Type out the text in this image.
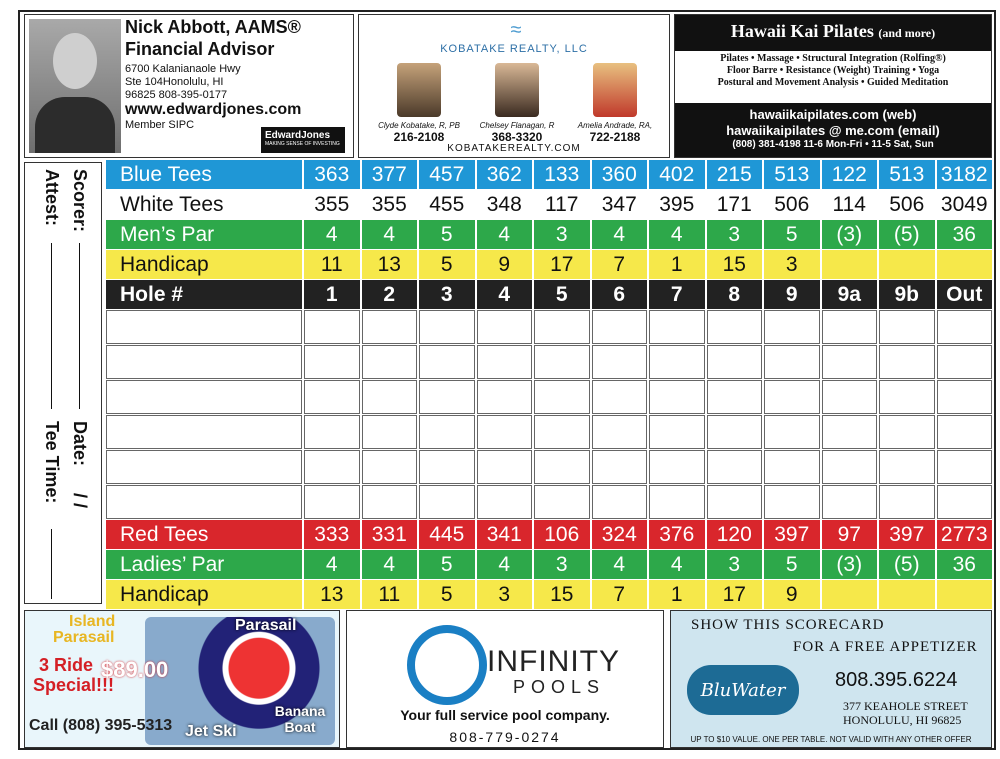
Nick Abbott, AAMS®
Financial Advisor
6700 Kalanianaole Hwy
Ste 104Honolulu, HI
96825 808-395-0177
www.edwardjones.com
Member SIPC
EdwardJones
MAKING SENSE OF INVESTING
≈
KOBATAKE REALTY, LLC
Clyde Kobatake, R, PB
216-2108
Chelsey Flanagan, R
368-3320
Amelia Andrade, RA,
722-2188
KOBATAKEREALTY.COM
Hawaii Kai Pilates (and more)
Pilates • Massage • Structural Integration (Rolfing®)
Floor Barre • Resistance (Weight) Training • Yoga
Postural and Movement Analysis • Guided Meditation
hawaiikaipilates.com (web)
hawaiikaipilates @ me.com (email)
(808) 381-4198 11-6 Mon-Fri • 11-5 Sat, Sun
Scorer:
Attest:
Date:
/ /
Tee Time:
Blue Tees	363	377	457	362	133	360	402	215	513	122	513 3182
White Tees	355	355	455	348	117	347	395	171	506	114	506 3049
Men’s Par	4	4	5	4	3	4	4	3	5	(3)	(5)	36
Handicap	11	13	5	9	17	7	1	15	3
Hole #	1	2	3	4	5	6	7	8	9	9a	9b	Out
Red Tees	333	331	445	341	106	324	376	120	397	97	397 2773
Ladies’ Par	4	4	5	4	3	4	4	3	5	(3)	(5)	36
Handicap	13	11	5	3	15	7	1	17	9
Island
Parasail
3 Ride
Special!!!
$89.00
Call (808) 395-5313
Parasail
Jet Ski
Banana Boat
INFINITY
POOLS
Your full service pool company.
808-779-0274
SHOW THIS SCORECARD
FOR A FREE APPETIZER
BluWater	808.395.6224
377 KEAHOLE STREET
HONOLULU, HI 96825
UP TO $10 VALUE. ONE PER TABLE. NOT VALID WITH ANY OTHER OFFER
